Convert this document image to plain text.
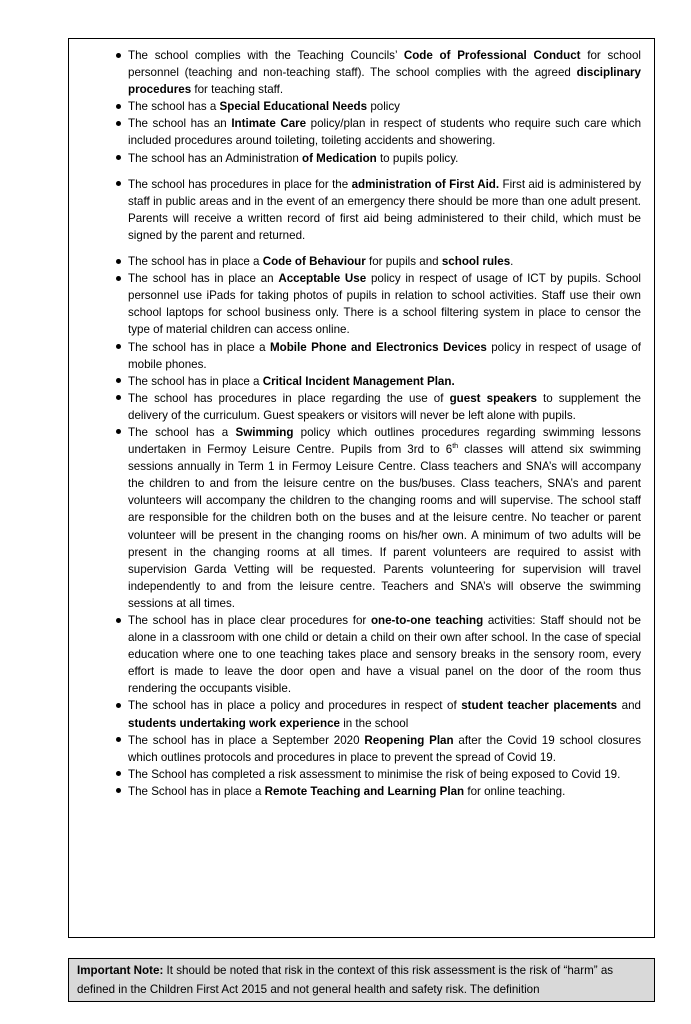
The school complies with the Teaching Councils’ Code of Professional Conduct for school personnel (teaching and non-teaching staff). The school complies with the agreed disciplinary procedures for teaching staff.
The school has a Special Educational Needs policy
The school has an Intimate Care policy/plan in respect of students who require such care which included procedures around toileting, toileting accidents and showering.
The school has an Administration of Medication to pupils policy.
The school has procedures in place for the administration of First Aid. First aid is administered by staff in public areas and in the event of an emergency there should be more than one adult present. Parents will receive a written record of first aid being administered to their child, which must be signed by the parent and returned.
The school has in place a Code of Behaviour for pupils and school rules.
The school has in place an Acceptable Use policy in respect of usage of ICT by pupils. School personnel use iPads for taking photos of pupils in relation to school activities. Staff use their own school laptops for school business only. There is a school filtering system in place to censor the type of material children can access online.
The school has in place a Mobile Phone and Electronics Devices policy in respect of usage of mobile phones.
The school has in place a Critical Incident Management Plan.
The school has procedures in place regarding the use of guest speakers to supplement the delivery of the curriculum. Guest speakers or visitors will never be left alone with pupils.
The school has a Swimming policy which outlines procedures regarding swimming lessons undertaken in Fermoy Leisure Centre. Pupils from 3rd to 6th classes will attend six swimming sessions annually in Term 1 in Fermoy Leisure Centre. Class teachers and SNA’s will accompany the children to and from the leisure centre on the bus/buses. Class teachers, SNA’s and parent volunteers will accompany the children to the changing rooms and will supervise. The school staff are responsible for the children both on the buses and at the leisure centre. No teacher or parent volunteer will be present in the changing rooms on his/her own. A minimum of two adults will be present in the changing rooms at all times. If parent volunteers are required to assist with supervision Garda Vetting will be requested. Parents volunteering for supervision will travel independently to and from the leisure centre. Teachers and SNA’s will observe the swimming sessions at all times.
The school has in place clear procedures for one-to-one teaching activities: Staff should not be alone in a classroom with one child or detain a child on their own after school. In the case of special education where one to one teaching takes place and sensory breaks in the sensory room, every effort is made to leave the door open and have a visual panel on the door of the room thus rendering the occupants visible.
The school has in place a policy and procedures in respect of student teacher placements and students undertaking work experience in the school
The school has in place a September 2020 Reopening Plan after the Covid 19 school closures which outlines protocols and procedures in place to prevent the spread of Covid 19.
The School has completed a risk assessment to minimise the risk of being exposed to Covid 19.
The School has in place a Remote Teaching and Learning Plan for online teaching.
Important Note: It should be noted that risk in the context of this risk assessment is the risk of “harm” as defined in the Children First Act 2015 and not general health and safety risk. The definition
